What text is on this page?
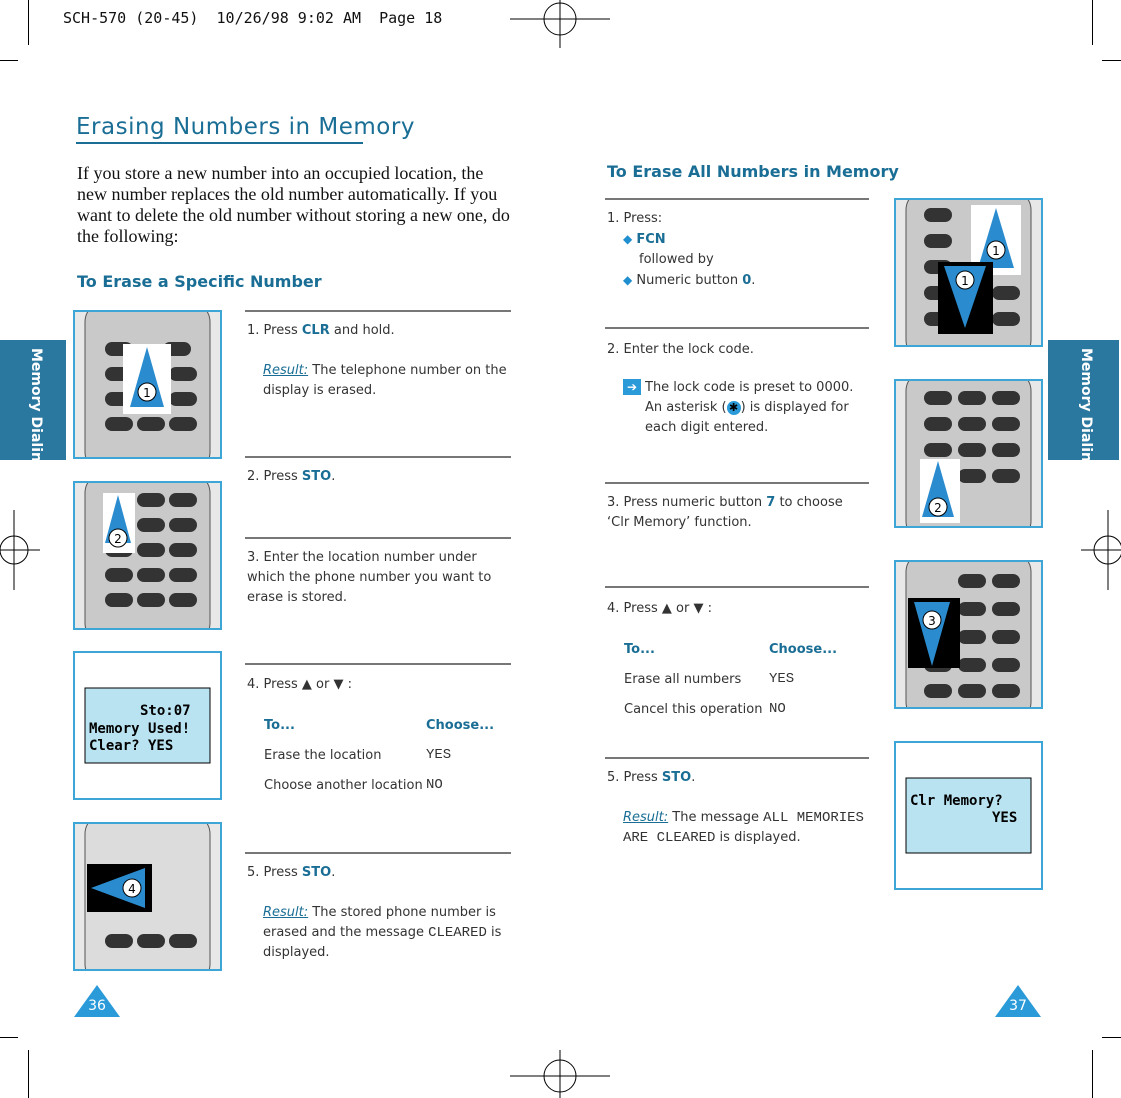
SCH-570 (20-45)  10/26/98 9:02 AM  Page 18
Memory Dialing	Memory Dialing
Erasing Numbers in Memory
If you store a new number into an occupied location, the new number replaces the old number automatically. If you want to delete the old number without storing a new one, do the following:
To Erase a Specific Number
1
2
Sto:07
Memory Used!
Clear? YES
4
1. Press CLR and hold.
Result: The telephone number on the display is erased.
2. Press STO.
3. Enter the location number under which the phone number you want to erase is stored.
4. Press ▲ or ▼ :
To...	Choose...
Erase the location	YES
Choose another location NO
5. Press STO.
Result: The stored phone number is erased and the message CLEARED is displayed.
36
To Erase All Numbers in Memory
1. Press:
◆ FCN
followed by
◆ Numeric button 0.
2. Enter the lock code.
➔ The lock code is preset to 0000. An asterisk ( ✱ ) is displayed for each digit entered.
3. Press numeric button 7 to choose ‘Clr Memory’ function.
4. Press ▲ or ▼ :
To...	Choose...
Erase all numbers	YES
Cancel this operation NO
5. Press STO.
Result: The message ALL MEMORIES ARE CLEARED is displayed.
1
1
2
3
Clr Memory?
YES
37
